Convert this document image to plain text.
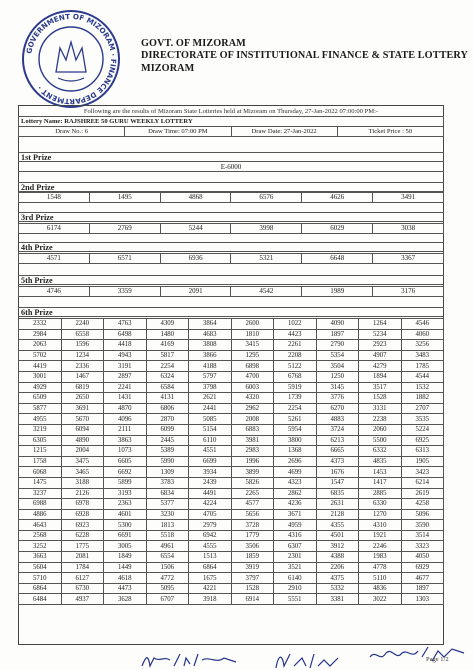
GOVERNMENT OF MIZORAM · FINANCE DEPARTMENT ·
GOVT. OF MIZORAM
DIRECTORATE OF INSTITUTIONAL FINANCE & STATE LOTTERY
MIZORAM
Following are the results of Mizoram State Lotteries held at Mizoram on Thursday, 27-Jan-2022 07:00:00 PM:-
Lottery Name: RAJSHREE 50 GURU WEEKLY LOTTERY
Draw No.: 6	Draw Time: 07:00 PM	Draw Date: 27-Jan-2022	Ticket Price : 50
1st Prize
E-6000
2nd Prize
1548	1495	4868	6576	4626	3491
3rd Prize
6174	2769	5244	3998	6029	3038
4th Prize
4571	6571	6936	5321	6648	3367
5th Prize
4746	3359	2091	4542	1989	3176
6th Prize
2332	2240	4763	4309	3864	2600	1022	4090	1264	4546
2984	6558	6498	1480	4683	1810	4423	1897	5234	4060
2063	1596	4418	4169	3808	3415	2261	2790	2923	3256
5702	1234	4943	5817	3866	1295	2208	5354	4907	3483
4419	2336	3191	2254	4188	6898	5122	3504	4279	1785
3001	1467	2897	6324	5797	4700	6768	1250	1894	4544
4929	6819	2241	6584	3798	6003	5919	3145	3517	1532
6509	2650	1431	4131	2621	4320	1739	3776	1528	1882
5877	3691	4870	6806	2441	2962	2254	6270	3131	2707
4955	5670	4096	2870	5085	2008	5261	4883	2238	3535
3219	6094	2111	6099	5154	6883	5954	3724	2060	5224
6305	4890	3863	2445	6110	3981	3800	6213	5500	6925
1215	2004	1073	5389	4551	2983	1368	6665	6332	6313
1758	3475	6605	5990	6699	1996	2696	4373	4835	1905
6068	3465	6692	1309	3934	3899	4699	1676	1453	3423
1475	3188	5899	3783	2439	5826	4323	1547	1417	6214
3237	2126	3193	6834	4491	2265	2862	6835	2885	2619
6988	6978	2363	5377	4224	4577	4236	2631	6330	4258
4886	6928	4601	3230	4705	5656	3671	2128	1270	5096
4643	6923	5300	1813	2979	3728	4959	4355	4310	3590
2568	6228	6691	5518	6942	1779	4316	4501	1921	3514
3252	1775	3005	4961	4555	3506	6307	3912	2246	3323
3663	2081	1849	6554	1513	1859	2301	4388	1983	4050
5604	1784	1449	1506	6864	3919	3521	2206	4778	6929
5710	6127	4618	4772	1675	3797	6140	4375	5110	4677
6864	6730	4473	5095	4221	1528	2910	5332	4836	1897
6484	4937	3628	6707	3918	6914	5551	3381	3022	1303
Page 1/2
